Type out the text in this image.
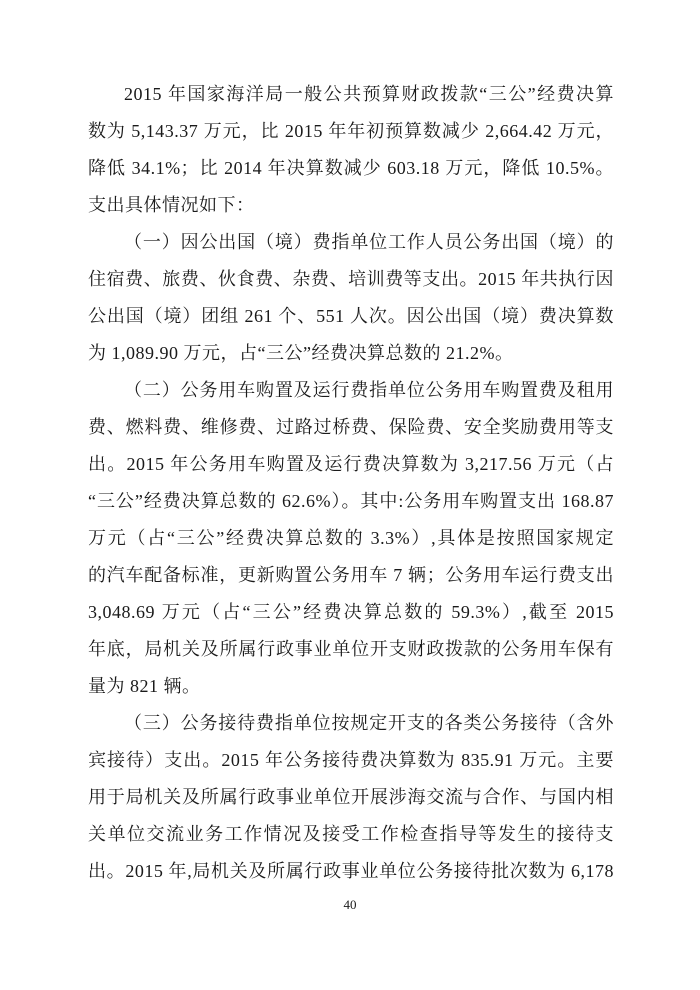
2015 年国家海洋局一般公共预算财政拨款“三公”经费决算
数为 5,143.37 万元，比 2015 年年初预算数减少 2,664.42 万元，
降低 34.1%；比 2014 年决算数减少 603.18 万元，降低 10.5%。
支出具体情况如下：
（一）因公出国（境）费指单位工作人员公务出国（境）的
住宿费、旅费、伙食费、杂费、培训费等支出。2015 年共执行因
公出国（境）团组 261 个、551 人次。因公出国（境）费决算数
为 1,089.90 万元，占“三公”经费决算总数的 21.2%。
（二）公务用车购置及运行费指单位公务用车购置费及租用
费、燃料费、维修费、过路过桥费、保险费、安全奖励费用等支
出。2015 年公务用车购置及运行费决算数为 3,217.56 万元（占
“三公”经费决算总数的 62.6%）。其中:公务用车购置支出 168.87
万元（占“三公”经费决算总数的 3.3%）,具体是按照国家规定
的汽车配备标准，更新购置公务用车 7 辆；公务用车运行费支出
3,048.69 万元（占“三公”经费决算总数的 59.3%）,截至 2015
年底，局机关及所属行政事业单位开支财政拨款的公务用车保有
量为 821 辆。
（三）公务接待费指单位按规定开支的各类公务接待（含外
宾接待）支出。2015 年公务接待费决算数为 835.91 万元。主要
用于局机关及所属行政事业单位开展涉海交流与合作、与国内相
关单位交流业务工作情况及接受工作检查指导等发生的接待支
出。2015 年,局机关及所属行政事业单位公务接待批次数为 6,178
40
